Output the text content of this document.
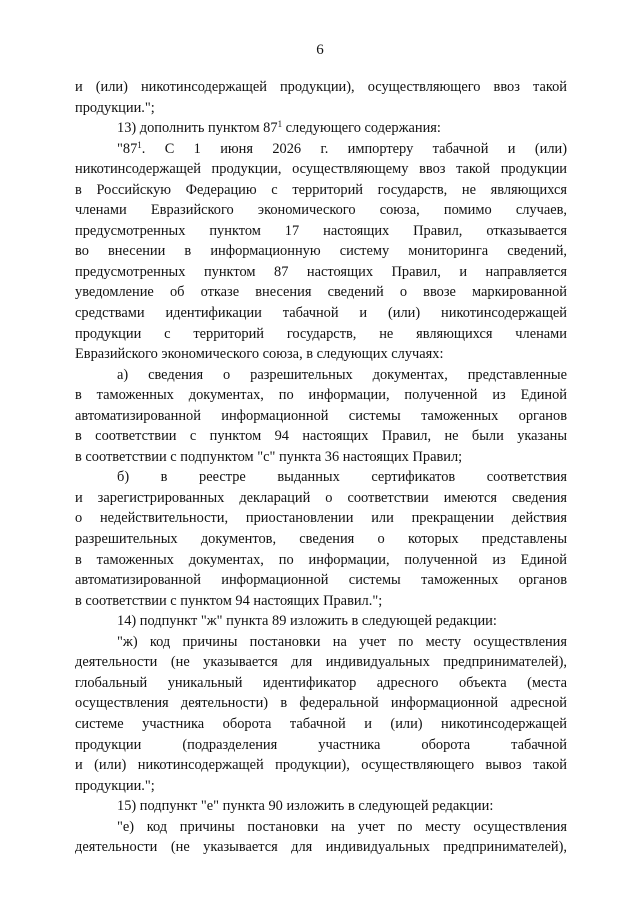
6
и (или) никотинсодержащей продукции), осуществляющего ввоз такой
продукции.";
13) дополнить пунктом $87^1$ следующего содержания:
"$87^1$. С 1 июня 2026 г. импортеру табачной и (или)
никотинсодержащей продукции, осуществляющему ввоз такой продукции
в Российскую Федерацию с территорий государств, не являющихся
членами Евразийского экономического союза, помимо случаев,
предусмотренных пунктом 17 настоящих Правил, отказывается
во внесении в информационную систему мониторинга сведений,
предусмотренных пунктом 87 настоящих Правил, и направляется
уведомление об отказе внесения сведений о ввозе маркированной
средствами идентификации табачной и (или) никотинсодержащей
продукции с территорий государств, не являющихся членами
Евразийского экономического союза, в следующих случаях:
а) сведения о разрешительных документах, представленные
в таможенных документах, по информации, полученной из Единой
автоматизированной информационной системы таможенных органов
в соответствии с пунктом 94 настоящих Правил, не были указаны
в соответствии с подпунктом "с" пункта 36 настоящих Правил;
б) в реестре выданных сертификатов соответствия
и зарегистрированных деклараций о соответствии имеются сведения
о недействительности, приостановлении или прекращении действия
разрешительных документов, сведения о которых представлены
в таможенных документах, по информации, полученной из Единой
автоматизированной информационной системы таможенных органов
в соответствии с пунктом 94 настоящих Правил.";
14) подпункт "ж" пункта 89 изложить в следующей редакции:
"ж) код причины постановки на учет по месту осуществления
деятельности (не указывается для индивидуальных предпринимателей),
глобальный уникальный идентификатор адресного объекта (места
осуществления деятельности) в федеральной информационной адресной
системе участника оборота табачной и (или) никотинсодержащей
продукции (подразделения участника оборота табачной
и (или) никотинсодержащей продукции), осуществляющего вывоз такой
продукции.";
15) подпункт "е" пункта 90 изложить в следующей редакции:
"е) код причины постановки на учет по месту осуществления
деятельности (не указывается для индивидуальных предпринимателей),
